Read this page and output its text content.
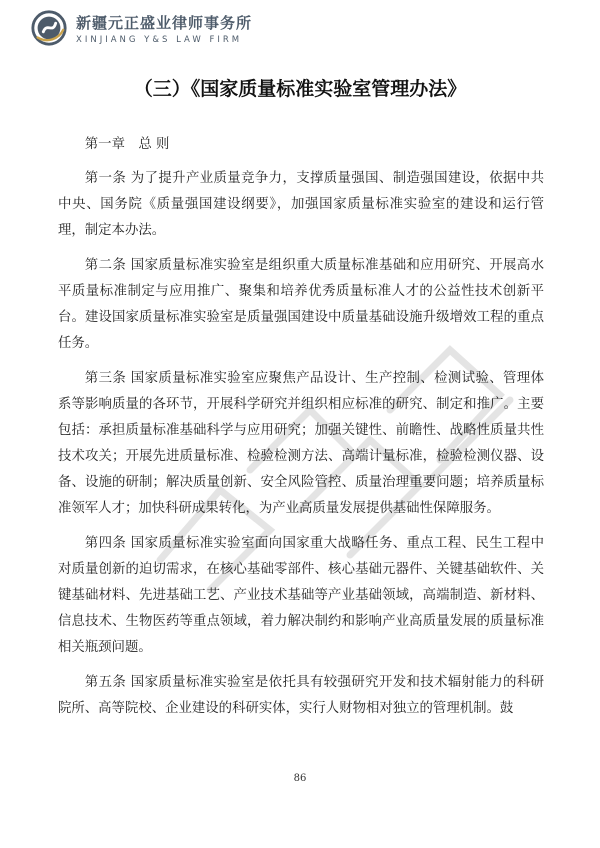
新疆元正盛业律师事务所
XINJIANG Y&S LAW FIRM
（三）《国家质量标准实验室管理办法》

第一章　总 则

第一条 为了提升产业质量竞争力，支撑质量强国、制造强国建设，依据中共中央、国务院《质量强国建设纲要》，加强国家质量标准实验室的建设和运行管理，制定本办法。

第二条 国家质量标准实验室是组织重大质量标准基础和应用研究、开展高水平质量标准制定与应用推广、聚集和培养优秀质量标准人才的公益性技术创新平台。建设国家质量标准实验室是质量强国建设中质量基础设施升级增效工程的重点任务。

第三条 国家质量标准实验室应聚焦产品设计、生产控制、检测试验、管理体系等影响质量的各环节，开展科学研究并组织相应标准的研究、制定和推广。主要包括：承担质量标准基础科学与应用研究；加强关键性、前瞻性、战略性质量共性技术攻关；开展先进质量标准、检验检测方法、高端计量标准，检验检测仪器、设备、设施的研制；解决质量创新、安全风险管控、质量治理重要问题；培养质量标准领军人才；加快科研成果转化，为产业高质量发展提供基础性保障服务。

第四条 国家质量标准实验室面向国家重大战略任务、重点工程、民生工程中对质量创新的迫切需求，在核心基础零部件、核心基础元器件、关键基础软件、关键基础材料、先进基础工艺、产业技术基础等产业基础领域，高端制造、新材料、信息技术、生物医药等重点领域，着力解决制约和影响产业高质量发展的质量标准相关瓶颈问题。

第五条 国家质量标准实验室是依托具有较强研究开发和技术辐射能力的科研院所、高等院校、企业建设的科研实体，实行人财物相对独立的管理机制。鼓

86
